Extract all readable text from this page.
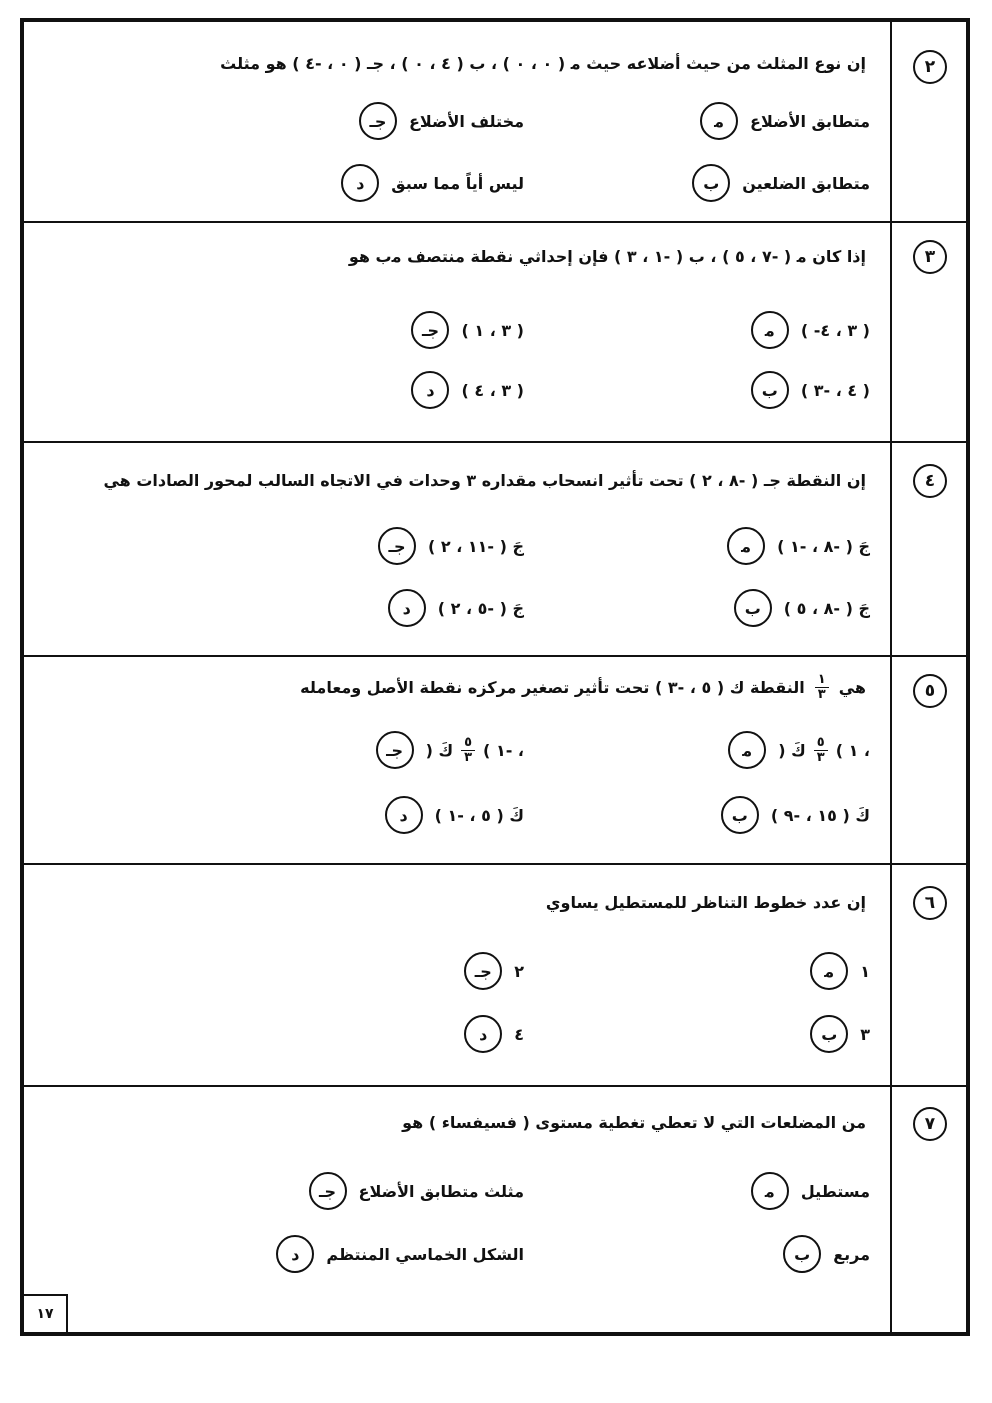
٢
إن نوع المثلث من حيث أضلاعه حيث ﻣ ( ٠ ، ٠ ) ، ب ( ٤ ، ٠ ) ، جـ ( ٠ ، -٤ ) هو مثلث
ﻣ	متطابق الأضلاع
جـ	مختلف الأضلاع
ب	متطابق الضلعين
د	ليس أياً مما سبق
٣
إذا كان ﻣ ( -٧ ، ٥ ) ، ب ( -١ ، ٣ ) فإن إحداثي نقطة منتصف ﻣب هو
ﻣ	( -٣ ، ٤ )
جـ	( ٣ ، ١ )
ب	( ٤ ، -٣ )
د	( ٣ ، ٤ )
٤
إن النقطة جـ ( -٨ ، ٢ ) تحت تأثير انسحاب مقداره ٣ وحدات في الاتجاه السالب لمحور الصادات هي
ﻣ	جَ ( -٨ ، -١ )
جـ	جَ ( -١١ ، ٢ )
ب	جَ ( -٨ ، ٥ )
د	جَ ( -٥ ، ٢ )
٥
النقطة ك ( ٥ ، -٣ ) تحت تأثير تصغير مركزه نقطة الأصل ومعامله $\frac{١}{٣}$ هي
ﻣ	كَ ( $\frac{٥}{٣}$ ، ١ )
جـ	كَ ( $\frac{٥}{٣}$ ، -١ )
ب	كَ ( ١٥ ، -٩ )
د	كَ ( ٥ ، -١ )
٦
إن عدد خطوط التناظر للمستطيل يساوي
ﻣ	١
جـ	٢
ب	٣
د	٤
٧
من المضلعات التي لا تعطي تغطية مستوى ( فسيفساء ) هو
ﻣ	مستطيل
جـ	مثلث متطابق الأضلاع
ب	مربع
د	الشكل الخماسي المنتظم
١٧
